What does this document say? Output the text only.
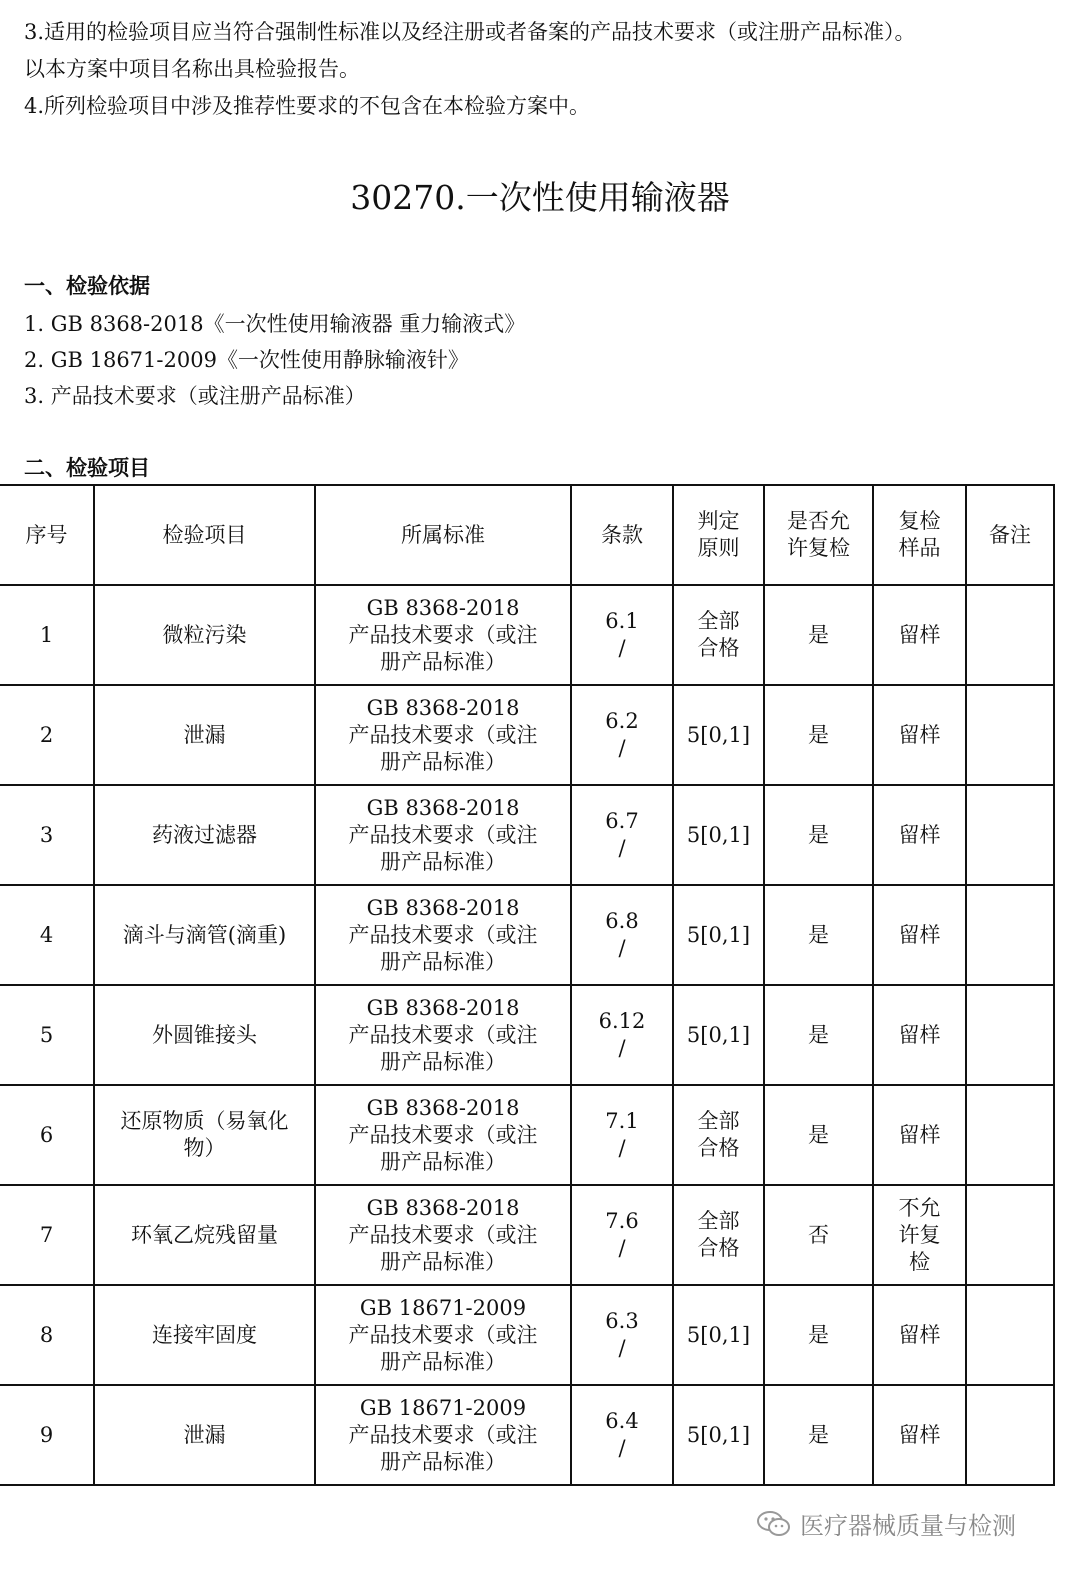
3.适用的检验项目应当符合强制性标准以及经注册或者备案的产品技术要求（或注册产品标准）。

以本方案中项目名称出具检验报告。

4.所列检验项目中涉及推荐性要求的不包含在本检验方案中。

30270.一次性使用输液器
一、检验依据

1. GB 8368-2018《一次性使用输液器 重力输液式》

2. GB 18671-2009《一次性使用静脉输液针》

3. 产品技术要求（或注册产品标准）

二、检验项目
序号	检验项目	所属标准	条款	判定
原则	是否允
许复检	复检
样品	备注
1	微粒污染	GB 8368-2018
产品技术要求（或注
册产品标准）	6.1
/	全部
合格	是	留样	

2	泄漏	GB 8368-2018
产品技术要求（或注
册产品标准）	6.2
/	5[0,1]	是	留样	

3	药液过滤器	GB 8368-2018
产品技术要求（或注
册产品标准）	6.7
/	5[0,1]	是	留样	

4	滴斗与滴管(滴重)	GB 8368-2018
产品技术要求（或注
册产品标准）	6.8
/	5[0,1]	是	留样	

5	外圆锥接头	GB 8368-2018
产品技术要求（或注
册产品标准）	6.12
/	5[0,1]	是	留样	

6	还原物质（易氧化
物）	GB 8368-2018
产品技术要求（或注
册产品标准）	7.1
/	全部
合格	是	留样	

7	环氧乙烷残留量	GB 8368-2018
产品技术要求（或注
册产品标准）	7.6
/	全部
合格	否	不允
许复
检	

8	连接牢固度	GB 18671-2009
产品技术要求（或注
册产品标准）	6.3
/	5[0,1]	是	留样	

9	泄漏	GB 18671-2009
产品技术要求（或注
册产品标准）	6.4
/	5[0,1]	是	留样	

医疗器械质量与检测
